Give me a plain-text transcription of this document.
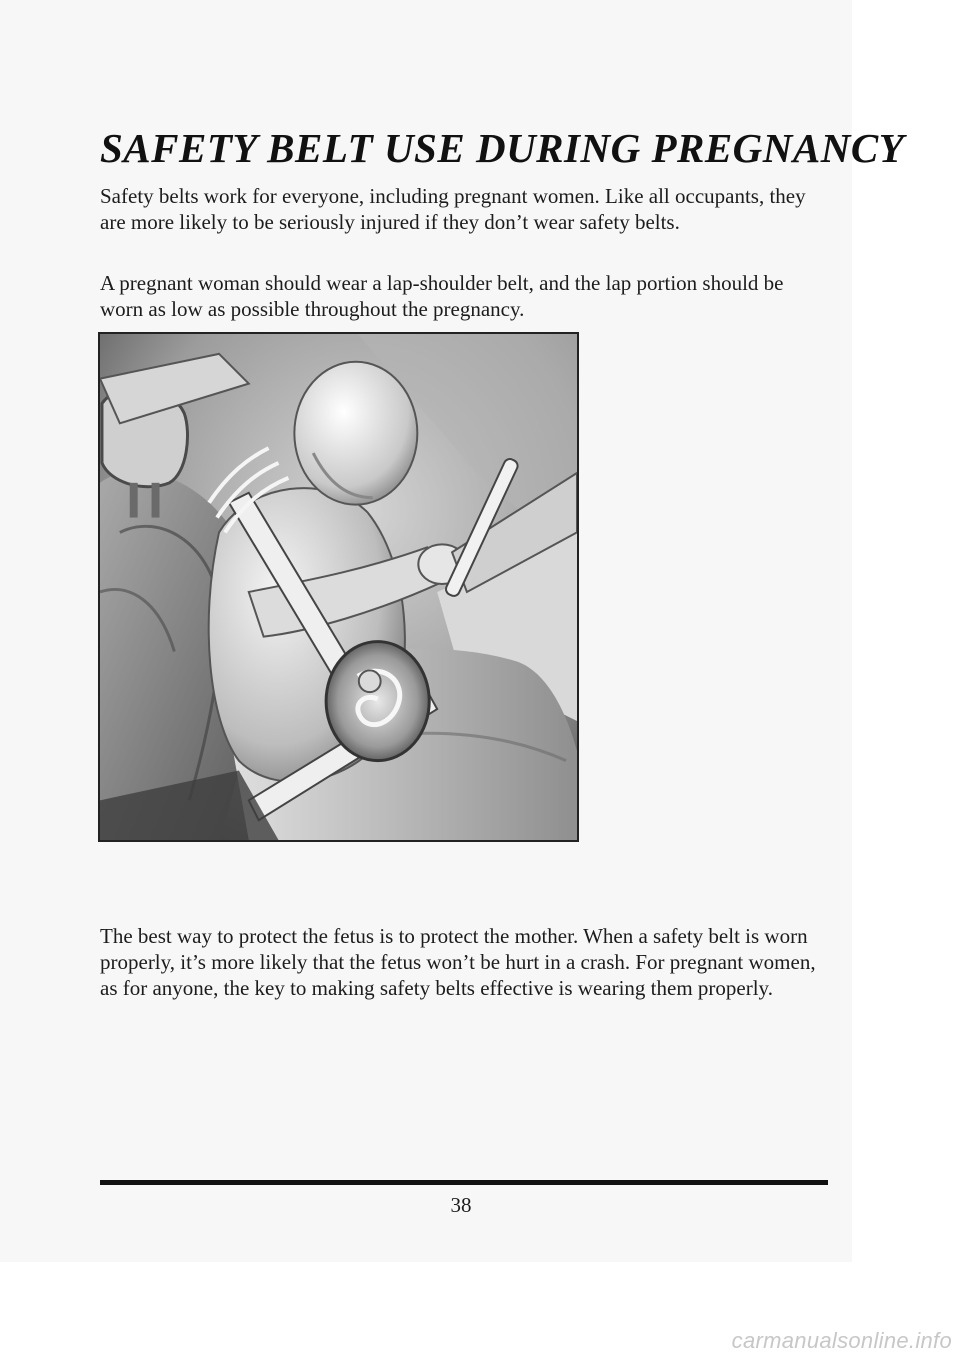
SAFETY BELT USE DURING PREGNANCY

Safety belts work for everyone, including pregnant women. Like all occupants, they are more likely to be seriously injured if they don’t wear safety belts.

A pregnant woman should wear a lap-shoulder belt, and the lap portion should be worn as low as possible throughout the pregnancy.

The best way to protect the fetus is to protect the mother. When a safety belt is worn properly, it’s more likely that the fetus won’t be hurt in a crash. For pregnant women, as for anyone, the key to making safety belts effective is wearing them properly.

38
carmanualsonline.info
